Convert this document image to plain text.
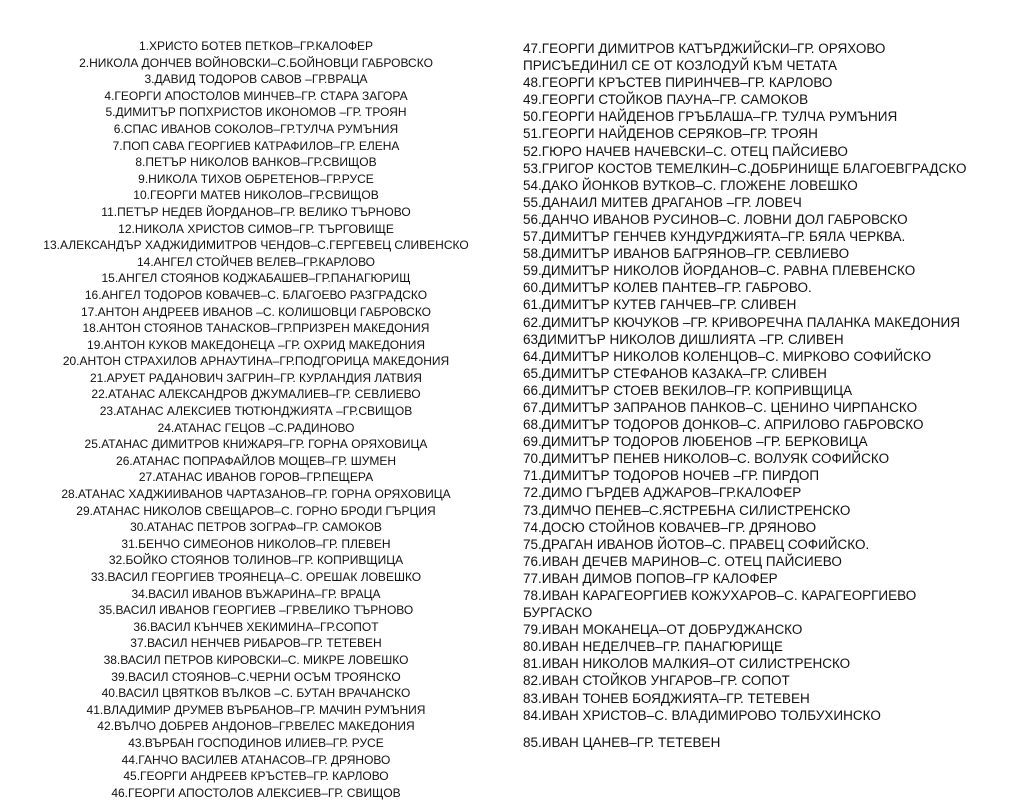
1.ХРИСТО БОТЕВ ПЕТКОВ–ГР.КАЛОФЕР
2.НИКОЛА ДОНЧЕВ ВОЙНОВСКИ–С.БОЙНОВЦИ ГАБРОВСКО
3.ДАВИД ТОДОРОВ САВОВ –ГР.ВРАЦА
4.ГЕОРГИ АПОСТОЛОВ МИНЧЕВ–ГР. СТАРА ЗАГОРА
5.ДИМИТЪР ПОПХРИСТОВ ИКОНОМОВ –ГР. ТРОЯН
6.СПАС ИВАНОВ СОКОЛОВ–ГР.ТУЛЧА РУМЪНИЯ
7.ПОП САВА ГЕОРГИЕВ КАТРАФИЛОВ–ГР. ЕЛЕНА
8.ПЕТЪР НИКОЛОВ ВАНКОВ–ГР.СВИЩОВ
9.НИКОЛА ТИХОВ ОБРЕТЕНОВ–ГР.РУСЕ
10.ГЕОРГИ МАТЕВ НИКОЛОВ–ГР.СВИЩОВ
11.ПЕТЪР НЕДЕВ ЙОРДАНОВ–ГР. ВЕЛИКО ТЪРНОВО
12.НИКОЛА ХРИСТОВ СИМОВ–ГР. ТЪРГОВИЩЕ
13.АЛЕКСАНДЪР ХАДЖИДИМИТРОВ ЧЕНДОВ–С.ГЕРГЕВЕЦ СЛИВЕНСКО
14.АНГЕЛ СТОЙЧЕВ ВЕЛЕВ–ГР.КАРЛОВО
15.АНГЕЛ СТОЯНОВ КОДЖАБАШЕВ–ГР.ПАНАГЮРИЩ
16.АНГЕЛ ТОДОРОВ КОВАЧЕВ–С. БЛАГОЕВО РАЗГРАДСКО
17.АНТОН АНДРЕЕВ ИВАНОВ –С. КОЛИШОВЦИ ГАБРОВСКО
18.АНТОН СТОЯНОВ ТАНАСКОВ–ГР.ПРИЗРЕН МАКЕДОНИЯ
19.АНТОН КУКОВ МАКЕДОНЕЦА –ГР. ОХРИД МАКЕДОНИЯ
20.АНТОН СТРАХИЛОВ АРНАУТИНА–ГР.ПОДГОРИЦА МАКЕДОНИЯ
21.АРУЕТ РАДАНОВИЧ ЗАГРИН–ГР. КУРЛАНДИЯ ЛАТВИЯ
22.АТАНАС АЛЕКСАНДРОВ ДЖУМАЛИЕВ–ГР. СЕВЛИЕВО
23.АТАНАС АЛЕКСИЕВ ТЮТЮНДЖИЯТА –ГР.СВИЩОВ
24.АТАНАС ГЕЦОВ –С.РАДИНОВО
25.АТАНАС ДИМИТРОВ КНИЖАРЯ–ГР. ГОРНА ОРЯХОВИЦА
26.АТАНАС ПОПРАФАЙЛОВ МОЩЕВ–ГР. ШУМЕН
27.АТАНАС ИВАНОВ ГОРОВ–ГР.ПЕЩЕРА
28.АТАНАС ХАДЖИИВАНОВ ЧАРТАЗАНОВ–ГР. ГОРНА ОРЯХОВИЦА
29.АТАНАС НИКОЛОВ СВЕЩАРОВ–С. ГОРНО БРОДИ ГЪРЦИЯ
30.АТАНАС ПЕТРОВ ЗОГРАФ–ГР. САМОКОВ
31.БЕНЧО СИМЕОНОВ НИКОЛОВ–ГР. ПЛЕВЕН
32.БОЙКО СТОЯНОВ ТОЛИНОВ–ГР. КОПРИВЩИЦА
33.ВАСИЛ ГЕОРГИЕВ ТРОЯНЕЦА–С. ОРЕШАК ЛОВЕШКО
34.ВАСИЛ ИВАНОВ ВЪЖАРИНА–ГР. ВРАЦА
35.ВАСИЛ ИВАНОВ ГЕОРГИЕВ –ГР.ВЕЛИКО ТЪРНОВО
36.ВАСИЛ КЪНЧЕВ ХЕКИМИНА–ГР.СОПОТ
37.ВАСИЛ НЕНЧЕВ РИБАРОВ–ГР. ТЕТЕВЕН
38.ВАСИЛ ПЕТРОВ КИРОВСКИ–С. МИКРЕ ЛОВЕШКО
39.ВАСИЛ СТОЯНОВ–С.ЧЕРНИ ОСЪМ ТРОЯНСКО
40.ВАСИЛ ЦВЯТКОВ ВЪЛКОВ –С. БУТАН ВРАЧАНСКО
41.ВЛАДИМИР ДРУМЕВ ВЪРБАНОВ–ГР. МАЧИН РУМЪНИЯ
42.ВЪЛЧО ДОБРЕВ АНДОНОВ–ГР.ВЕЛЕС МАКЕДОНИЯ
43.ВЪРБАН ГОСПОДИНОВ ИЛИЕВ–ГР. РУСЕ
44.ГАНЧО ВАСИЛЕВ АТАНАСОВ–ГР. ДРЯНОВО
45.ГЕОРГИ АНДРЕЕВ КРЪСТЕВ–ГР. КАРЛОВО
46.ГЕОРГИ АПОСТОЛОВ АЛЕКСИЕВ–ГР. СВИЩОВ
47.ГЕОРГИ ДИМИТРОВ КАТЪРДЖИЙСКИ–ГР. ОРЯХОВО
ПРИСЪЕДИНИЛ СЕ ОТ КОЗЛОДУЙ КЪМ ЧЕТАТА
48.ГЕОРГИ КРЪСТЕВ ПИРИНЧЕВ–ГР. КАРЛОВО
49.ГЕОРГИ СТОЙКОВ ПАУНА–ГР. САМОКОВ
50.ГЕОРГИ НАЙДЕНОВ ГРЪБЛАША–ГР. ТУЛЧА РУМЪНИЯ
51.ГЕОРГИ НАЙДЕНОВ СЕРЯКОВ–ГР. ТРОЯН
52.ГЮРО НАЧЕВ НАЧЕВСКИ–С. ОТЕЦ ПАЙСИЕВО
53.ГРИГОР КОСТОВ ТЕМЕЛКИН–С.ДОБРИНИЩЕ БЛАГОЕВГРАДСКО
54.ДАКО ЙОНКОВ ВУТКОВ–С. ГЛОЖЕНЕ ЛОВЕШКО
55.ДАНАИЛ МИТЕВ ДРАГАНОВ –ГР. ЛОВЕЧ
56.ДАНЧО ИВАНОВ РУСИНОВ–С. ЛОВНИ ДОЛ ГАБРОВСКО
57.ДИМИТЪР ГЕНЧЕВ КУНДУРДЖИЯТА–ГР. БЯЛА ЧЕРКВА.
58.ДИМИТЪР ИВАНОВ БАГРЯНОВ–ГР. СЕВЛИЕВО
59.ДИМИТЪР НИКОЛОВ ЙОРДАНОВ–С. РАВНА ПЛЕВЕНСКО
60.ДИМИТЪР КОЛЕВ ПАНТЕВ–ГР. ГАБРОВО.
61.ДИМИТЪР КУТЕВ ГАНЧЕВ–ГР. СЛИВЕН
62.ДИМИТЪР КЮЧУКОВ –ГР. КРИВОРЕЧНА ПАЛАНКА МАКЕДОНИЯ
63ДИМИТЪР НИКОЛОВ ДИШЛИЯТА –ГР. СЛИВЕН
64.ДИМИТЪР НИКОЛОВ КОЛЕНЦОВ–С. МИРКОВО СОФИЙСКО
65.ДИМИТЪР СТЕФАНОВ КАЗАКА–ГР. СЛИВЕН
66.ДИМИТЪР СТОЕВ ВЕКИЛОВ–ГР. КОПРИВЩИЦА
67.ДИМИТЪР ЗАПРАНОВ ПАНКОВ–С. ЦЕНИНО ЧИРПАНСКО
68.ДИМИТЪР ТОДОРОВ ДОНКОВ–С. АПРИЛОВО ГАБРОВСКО
69.ДИМИТЪР ТОДОРОВ ЛЮБЕНОВ –ГР. БЕРКОВИЦА
70.ДИМИТЪР ПЕНЕВ НИКОЛОВ–С. ВОЛУЯК СОФИЙСКО
71.ДИМИТЪР ТОДОРОВ НОЧЕВ –ГР. ПИРДОП
72.ДИМО ГЪРДЕВ АДЖАРОВ–ГР.КАЛОФЕР
73.ДИМЧО ПЕНЕВ–С.ЯСТРЕБНА СИЛИСТРЕНСКО
74.ДОСЮ СТОЙНОВ КОВАЧЕВ–ГР. ДРЯНОВО
75.ДРАГАН ИВАНОВ ЙОТОВ–С. ПРАВЕЦ СОФИЙСКО.
76.ИВАН ДЕЧЕВ МАРИНОВ–С. ОТЕЦ ПАЙСИЕВО
77.ИВАН ДИМОВ ПОПОВ–ГР КАЛОФЕР
78.ИВАН КАРАГЕОРГИЕВ КОЖУХАРОВ–С. КАРАГЕОРГИЕВО
БУРГАСКО
79.ИВАН МОКАНЕЦА–ОТ ДОБРУДЖАНСКО
80.ИВАН НЕДЕЛЧЕВ–ГР. ПАНАГЮРИЩЕ
81.ИВАН НИКОЛОВ МАЛКИЯ–ОТ СИЛИСТРЕНСКО
82.ИВАН СТОЙКОВ УНГАРОВ–ГР. СОПОТ
83.ИВАН ТОНЕВ БОЯДЖИЯТА–ГР. ТЕТЕВЕН
84.ИВАН ХРИСТОВ–С. ВЛАДИМИРОВО ТОЛБУХИНСКО
85.ИВАН ЦАНЕВ–ГР. ТЕТЕВЕН
